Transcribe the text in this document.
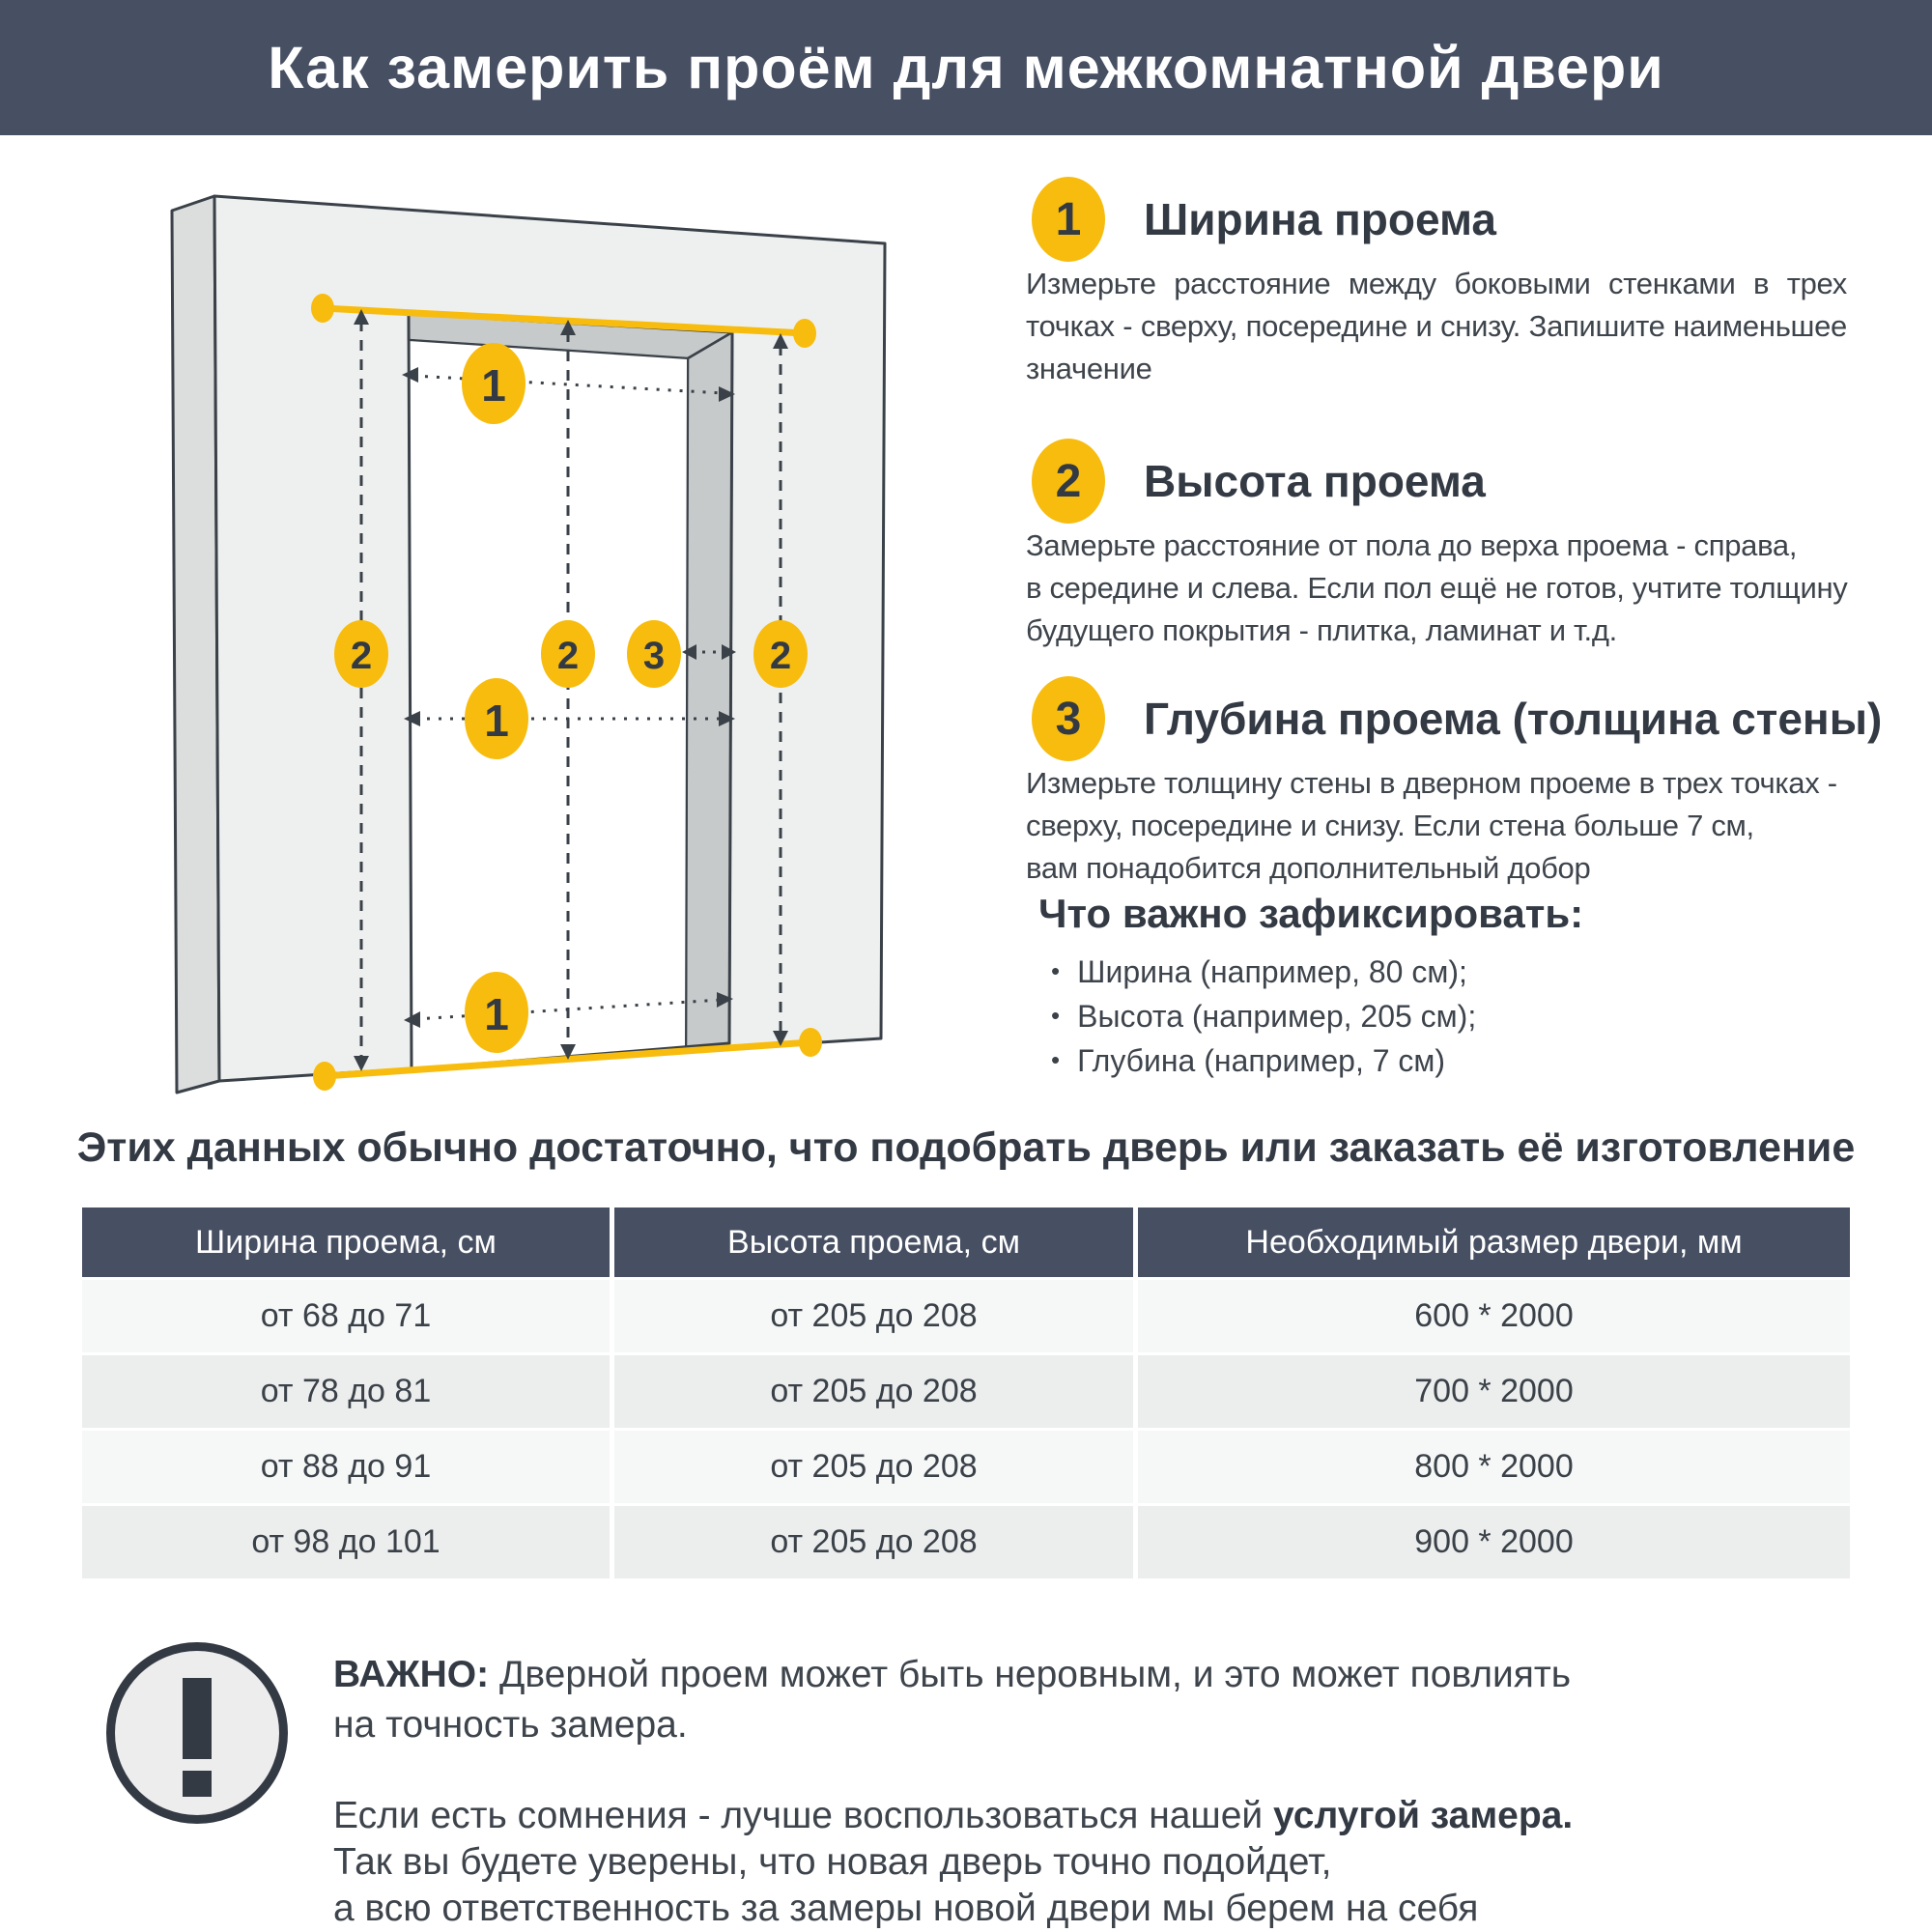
Как замерить проём для межкомнатной двери
1
1
1
2	2	2
3
1	Ширина проема
Измерьте расстояние между боковыми стенками в трех
точках - сверху, посередине и снизу. Запишите наименьшее
значение
2	Высота проема
Замерьте расстояние от пола до верха проема - справа,
в середине и слева. Если пол ещё не готов, учтите толщину
будущего покрытия - плитка, ламинат и т.д.
3	Глубина проема (толщина стены)
Измерьте толщину стены в дверном проеме в трех точках -
сверху, посередине и снизу. Если стена больше 7 см,
вам понадобится дополнительный добор
Что важно зафиксировать:
• Ширина (например, 80 см);
• Высота (например, 205 см);
• Глубина (например, 7 см)
Этих данных обычно достаточно, что подобрать дверь или заказать её изготовление
Ширина проема, см	Высота проема, см	Необходимый размер двери, мм
от 68 до 71	от 205 до 208	600 * 2000
от 78 до 81	от 205 до 208	700 * 2000
от 88 до 91	от 205 до 208	800 * 2000
от 98 до 101	от 205 до 208	900 * 2000
ВАЖНО: Дверной проем может быть неровным, и это может повлиять
на точность замера.
Если есть сомнения - лучше воспользоваться нашей услугой замера.
Так вы будете уверены, что новая дверь точно подойдет,
а всю ответственность за замеры новой двери мы берем на себя
